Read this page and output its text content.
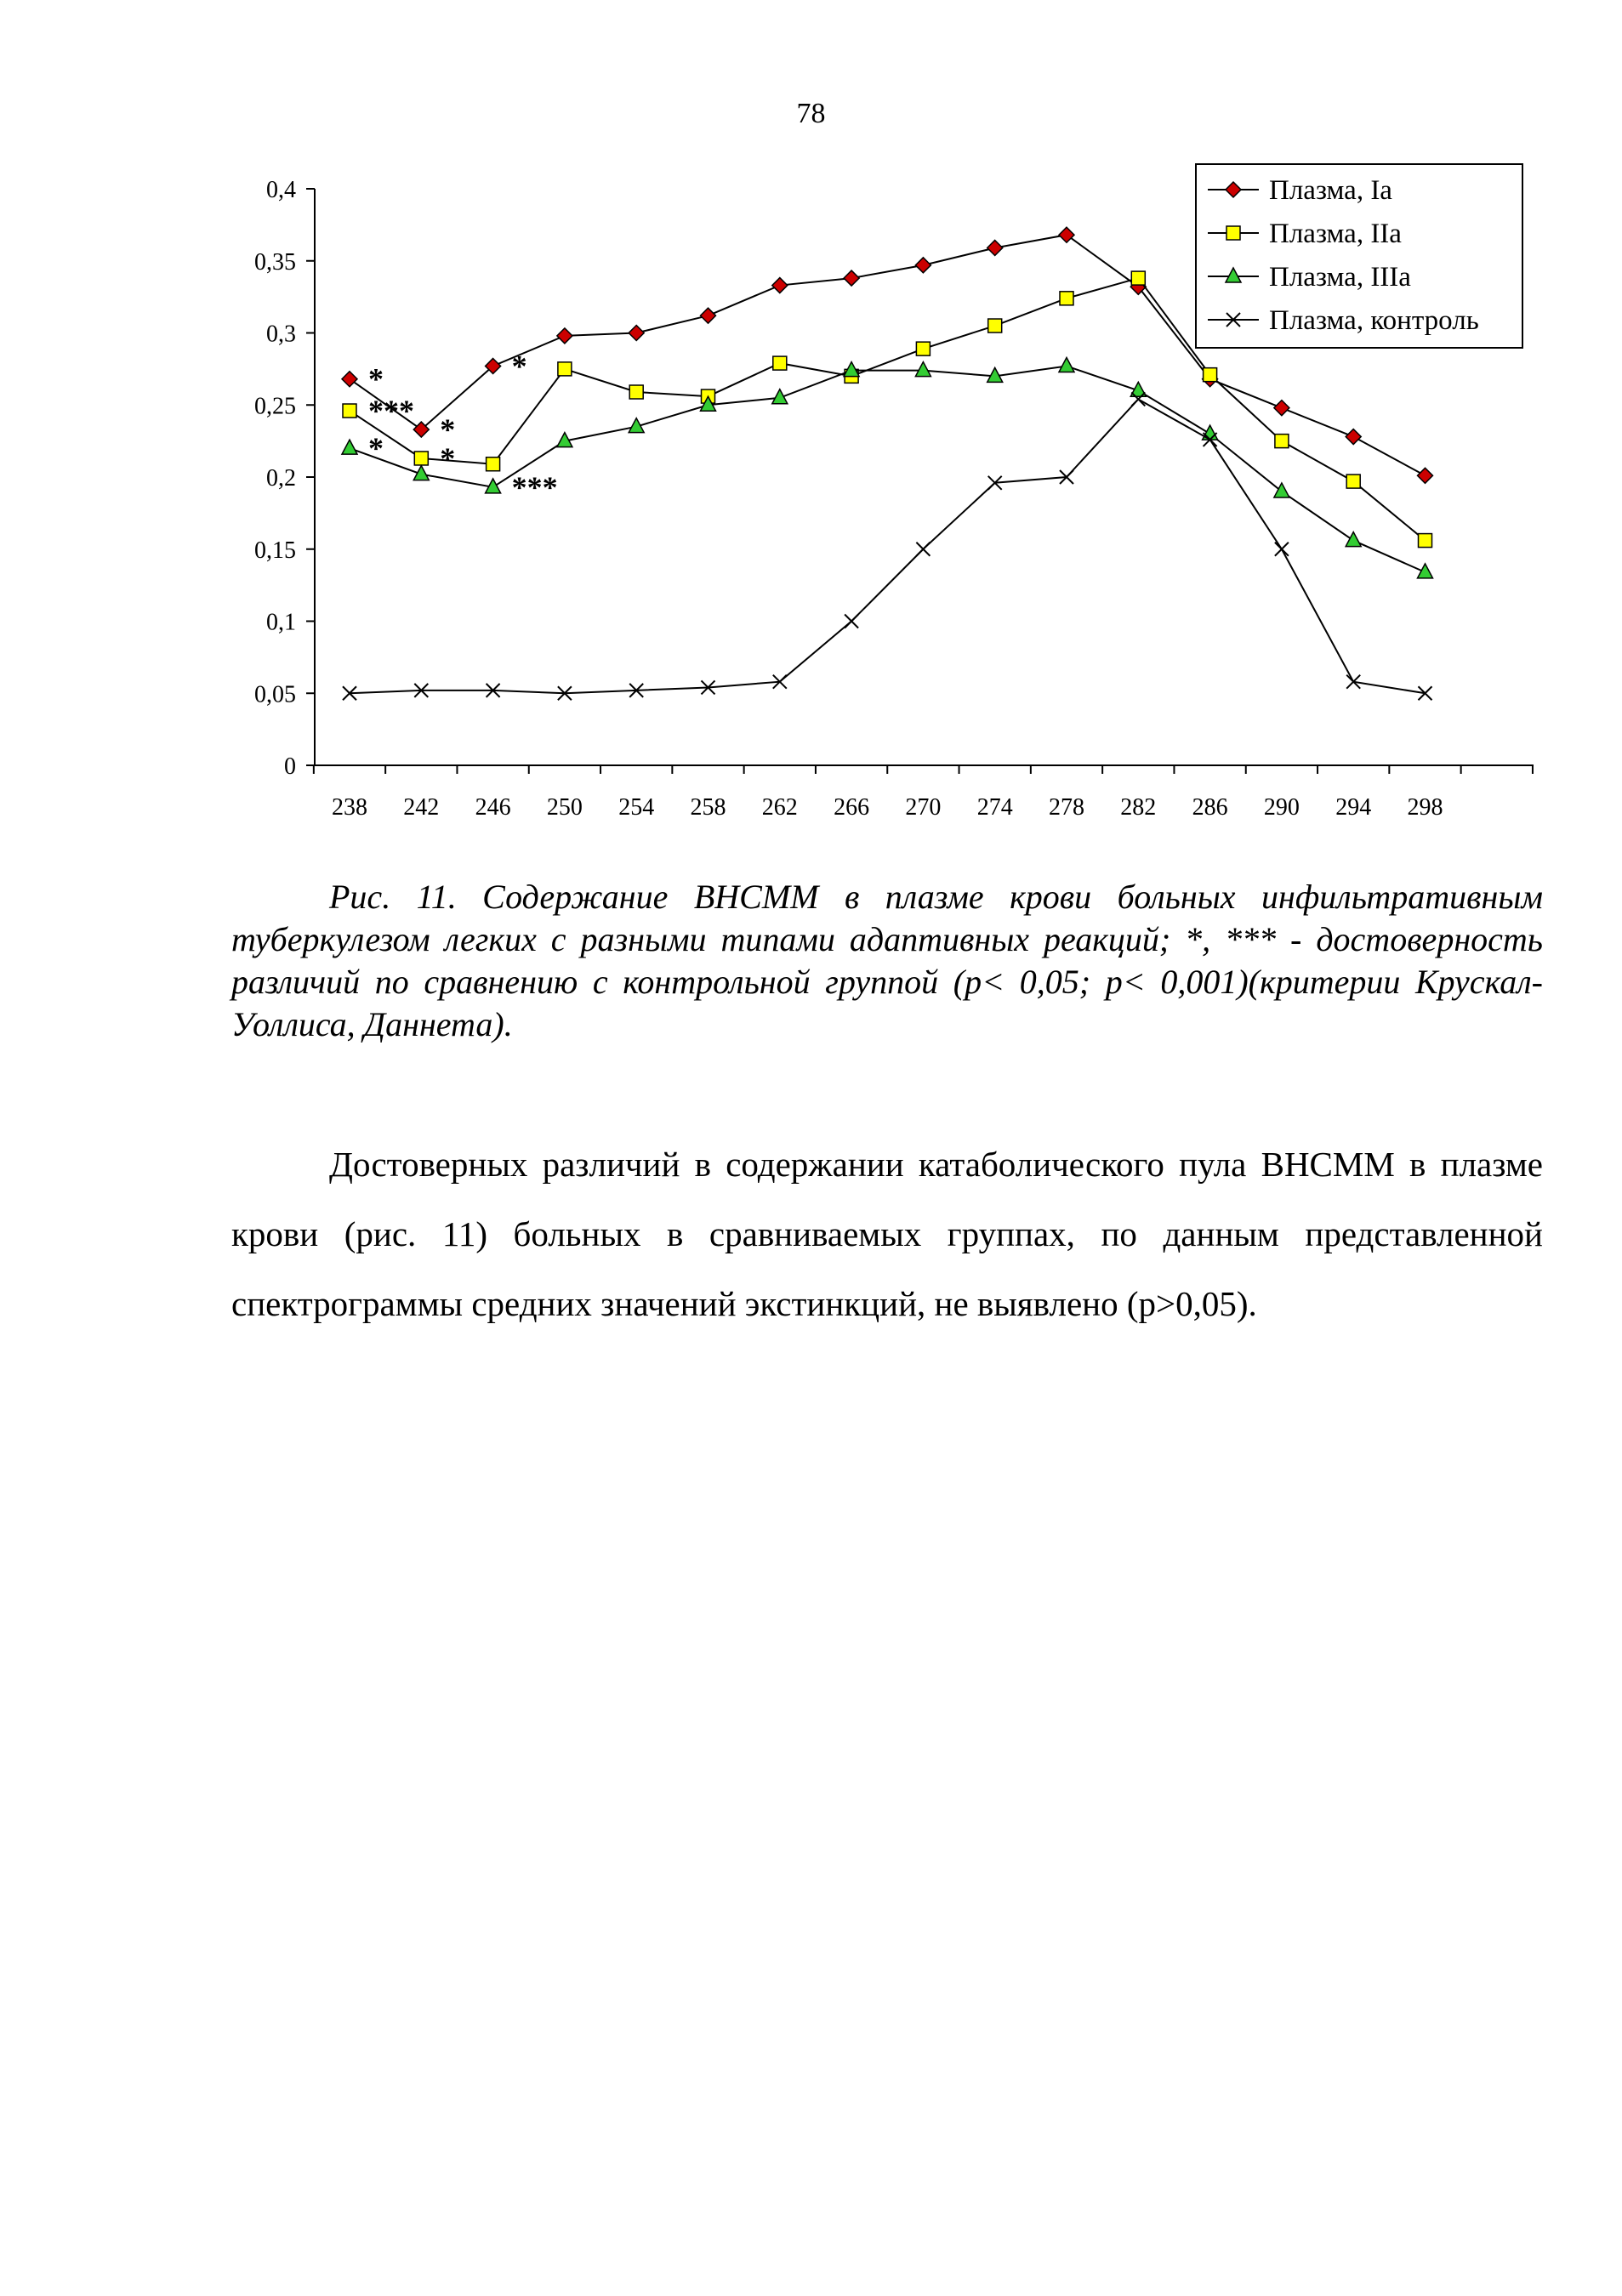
78
0
0,05
0,1
0,15
0,2
0,25
0,3
0,35
0,4
238 242 246 250 254 258 262 266 270 274 278 282 286 290 294 298
*
***
*
*
*
*
***
Плазма, Ia
Плазма, IIa
Плазма, IIIa
Плазма, контроль
Рис. 11. Содержание ВНСММ в плазме крови больных инфильтративным туберкулезом легких с разными типами адаптивных реакций; *, *** - достоверность различий по сравнению с контрольной группой (p< 0,05; p< 0,001)(критерии Крускал-Уоллиса, Даннета).
Достоверных различий в содержании катаболического пула ВНСММ в плазме крови (рис. 11) больных в сравниваемых группах, по данным представленной спектрограммы средних значений экстинкций, не выявлено (p>0,05).
